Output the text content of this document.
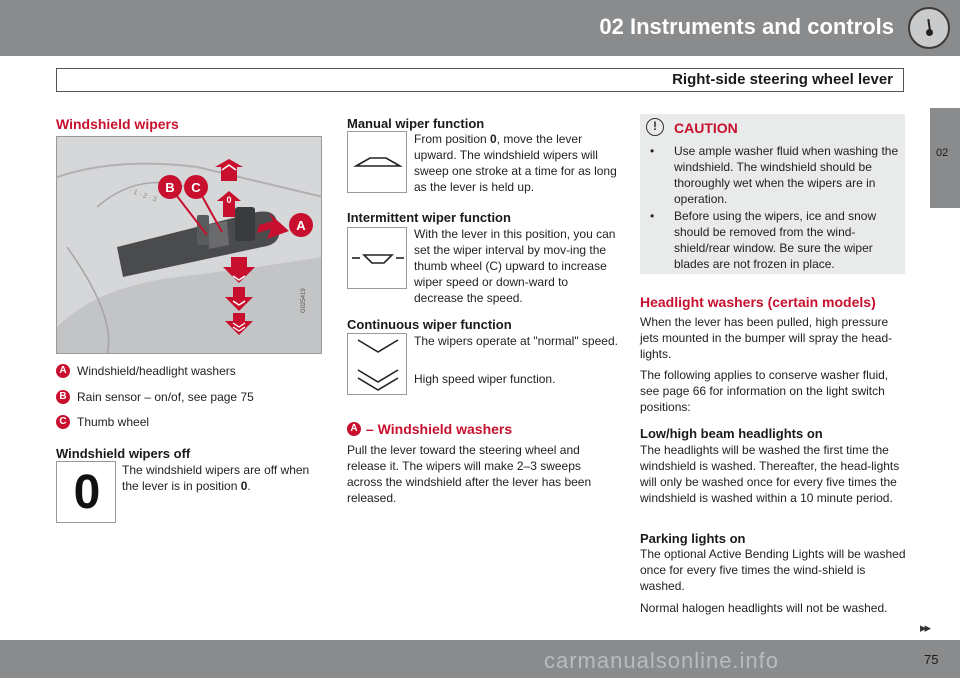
02 Instruments and controls
Right-side steering wheel lever
02
Windshield wipers
· 1 · 2 · 3 B C
A
0
G025419
A Windshield/headlight washers
B Rain sensor – on/of, see page 75
C Thumb wheel
Windshield wipers off
0	The windshield wipers are off when the lever is in position 0.
Manual wiper function
From position 0, move the lever upward. The windshield wipers will sweep one stroke at a time for as long as the lever is held up.
Intermittent wiper function
With the lever in this position, you can set the wiper interval by mov-ing the thumb wheel (C) upward to increase wiper speed or down-ward to decrease the speed.
Continuous wiper function
The wipers operate at "normal" speed.
High speed wiper function.
A – Windshield washers
Pull the lever toward the steering wheel and release it. The wipers will make 2–3 sweeps across the windshield after the lever has been released.
!	CAUTION
• Use ample washer fluid when washing the windshield. The windshield should be thoroughly wet when the wipers are in operation.
• Before using the wipers, ice and snow should be removed from the wind-shield/rear window. Be sure the wiper blades are not frozen in place.
Headlight washers (certain models)
When the lever has been pulled, high pressure jets mounted in the bumper will spray the head-lights.
The following applies to conserve washer fluid, see page 66 for information on the light switch positions:
Low/high beam headlights on
The headlights will be washed the first time the windshield is washed. Thereafter, the head-lights will only be washed once for every five times the windshield is washed within a 10 minute period.
Parking lights on
The optional Active Bending Lights will be washed once for every five times the wind-shield is washed.
Normal halogen headlights will not be washed.
▸▸
carmanualsonline.info	75
